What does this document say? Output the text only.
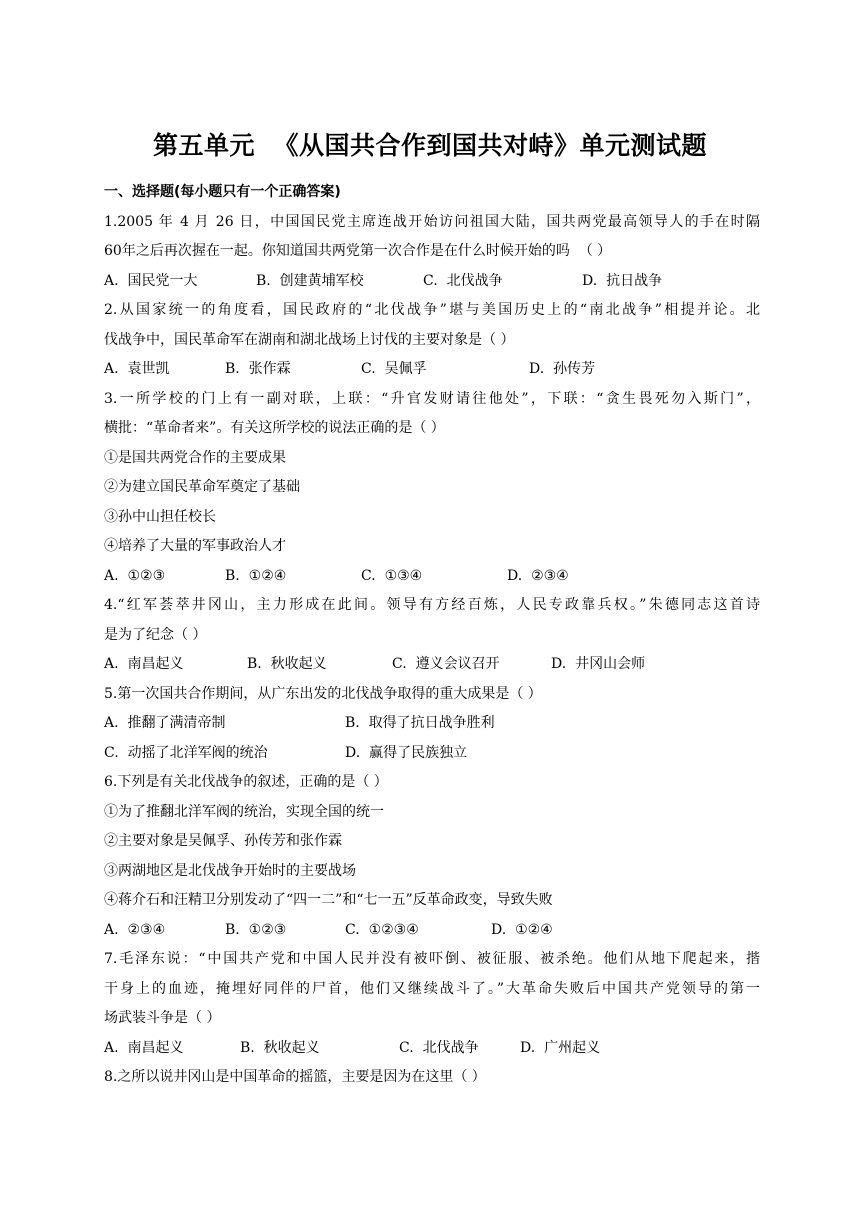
第五单元  《从国共合作到国共对峙》单元测试题
一、选择题(每小题只有一个正确答案)
1.2005 年 4 月 26 日，中国国民党主席连战开始访问祖国大陆，国共两党最高领导人的手在时隔
60年之后再次握在一起。你知道国共两党第一次合作是在什么时候开始的吗  （ ）
A.  国民党一大	B.  创建黄埔军校	C.  北伐战争	D.  抗日战争
2.从国家统一的角度看，国民政府的“北伐战争”堪与美国历史上的“南北战争”相提并论。北
伐战争中，国民革命军在湖南和湖北战场上讨伐的主要对象是（ ）
A.  袁世凯	B.  张作霖	C.  吴佩孚	D.  孙传芳
3.一所学校的门上有一副对联，上联：“升官发财请往他处”，下联：“贪生畏死勿入斯门”，
横批：“革命者来”。有关这所学校的说法正确的是（ ）
①是国共两党合作的主要成果
②为建立国民革命军奠定了基础
③孙中山担任校长
④培养了大量的军事政治人才
A.  ①②③	B.  ①②④	C.  ①③④	D.  ②③④
4.“红军荟萃井冈山，主力形成在此间。领导有方经百炼，人民专政靠兵权。”朱德同志这首诗
是为了纪念（ ）
A.  南昌起义	B.  秋收起义	C.  遵义会议召开	D.  井冈山会师
5.第一次国共合作期间，从广东出发的北伐战争取得的重大成果是（ ）
A.  推翻了满清帝制	B.  取得了抗日战争胜利
C.  动摇了北洋军阀的统治	D.  赢得了民族独立
6.下列是有关北伐战争的叙述，正确的是（ ）
①为了推翻北洋军阀的统治，实现全国的统一
②主要对象是吴佩孚、孙传芳和张作霖
③两湖地区是北伐战争开始时的主要战场
④蒋介石和汪精卫分别发动了“四一二”和“七一五”反革命政变，导致失败
A.  ②③④	B.  ①②③	C.  ①②③④	D.  ①②④
7.毛泽东说：“中国共产党和中国人民并没有被吓倒、被征服、被杀绝。他们从地下爬起来，揩
干身上的血迹，掩埋好同伴的尸首，他们又继续战斗了。”大革命失败后中国共产党领导的第一
场武装斗争是（ ）
A.  南昌起义	B.  秋收起义	C.  北伐战争	D.  广州起义
8.之所以说井冈山是中国革命的摇篮，主要是因为在这里（ ）
